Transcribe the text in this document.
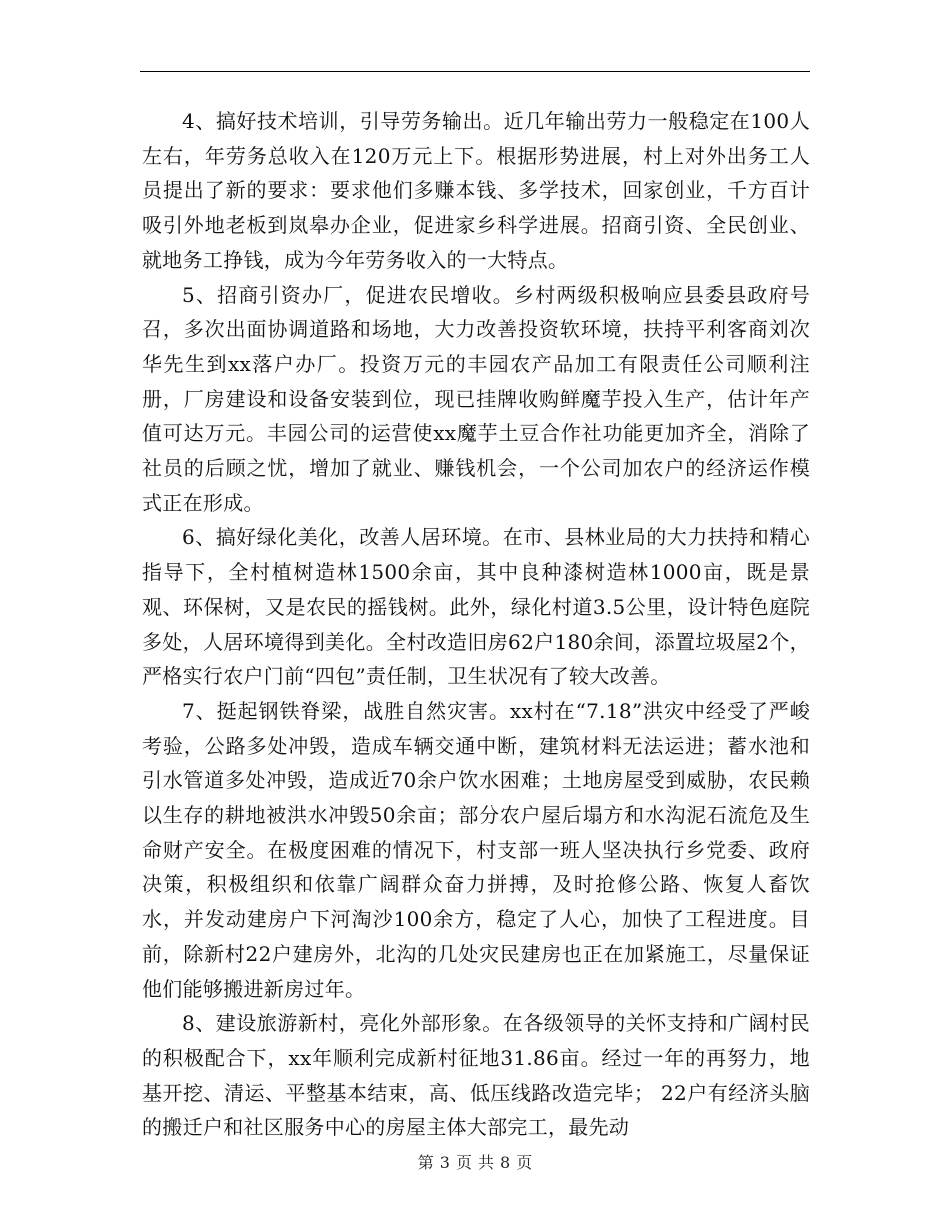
4、搞好技术培训，引导劳务输出。近几年输出劳力一般稳定在100人左右，年劳务总收入在120万元上下。根据形势进展，村上对外出务工人员提出了新的要求：要求他们多赚本钱、多学技术，回家创业，千方百计吸引外地老板到岚皋办企业，促进家乡科学进展。招商引资、全民创业、就地务工挣钱，成为今年劳务收入的一大特点。

5、招商引资办厂，促进农民增收。乡村两级积极响应县委县政府号召，多次出面协调道路和场地，大力改善投资软环境，扶持平利客商刘次华先生到xx落户办厂。投资万元的丰园农产品加工有限责任公司顺利注册，厂房建设和设备安装到位，现已挂牌收购鲜魔芋投入生产，估计年产值可达万元。丰园公司的运营使xx魔芋土豆合作社功能更加齐全，消除了社员的后顾之忧，增加了就业、赚钱机会，一个公司加农户的经济运作模式正在形成。

6、搞好绿化美化，改善人居环境。在市、县林业局的大力扶持和精心指导下，全村植树造林1500余亩，其中良种漆树造林1000亩，既是景观、环保树，又是农民的摇钱树。此外，绿化村道3.5公里，设计特色庭院多处，人居环境得到美化。全村改造旧房62户180余间，添置垃圾屋2个，严格实行农户门前“四包”责任制，卫生状况有了较大改善。

7、挺起钢铁脊梁，战胜自然灾害。xx村在“7.18”洪灾中经受了严峻考验，公路多处冲毁，造成车辆交通中断，建筑材料无法运进；蓄水池和引水管道多处冲毁，造成近70余户饮水困难；土地房屋受到威胁，农民赖以生存的耕地被洪水冲毁50余亩；部分农户屋后塌方和水沟泥石流危及生命财产安全。在极度困难的情况下，村支部一班人坚决执行乡党委、政府决策，积极组织和依靠广阔群众奋力拼搏，及时抢修公路、恢复人畜饮水，并发动建房户下河淘沙100余方，稳定了人心，加快了工程进度。目前，除新村22户建房外，北沟的几处灾民建房也正在加紧施工，尽量保证他们能够搬进新房过年。

8、建设旅游新村，亮化外部形象。在各级领导的关怀支持和广阔村民的积极配合下，xx年顺利完成新村征地31.86亩。经过一年的再努力，地基开挖、清运、平整基本结束，高、低压线路改造完毕； 22户有经济头脑的搬迁户和社区服务中心的房屋主体大部完工，最先动

第 3 页 共 8 页
